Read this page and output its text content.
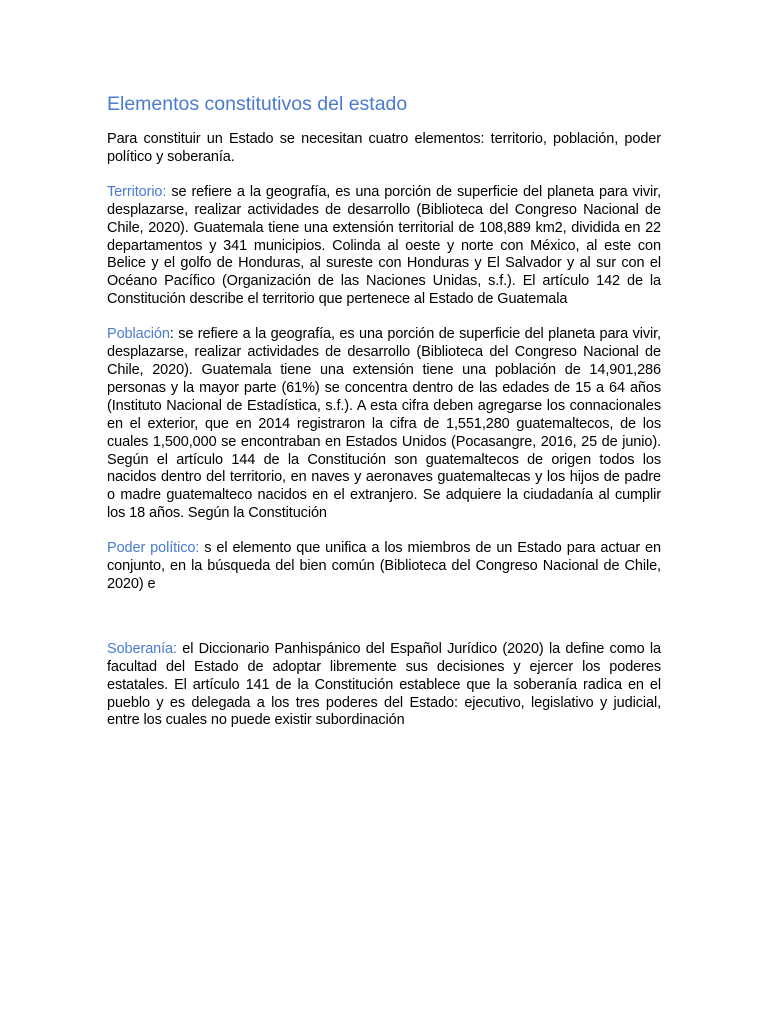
Elementos constitutivos del estado

Para constituir un Estado se necesitan cuatro elementos: territorio, población, poder político y soberanía.

Territorio: se refiere a la geografía, es una porción de superficie del planeta para vivir, desplazarse, realizar actividades de desarrollo (Biblioteca del Congreso Nacional de Chile, 2020). Guatemala tiene una extensión territorial de 108,889 km2, dividida en 22 departamentos y 341 municipios. Colinda al oeste y norte con México, al este con Belice y el golfo de Honduras, al sureste con Honduras y El Salvador y al sur con el Océano Pacífico (Organización de las Naciones Unidas, s.f.). El artículo 142 de la Constitución describe el territorio que pertenece al Estado de Guatemala

Población: se refiere a la geografía, es una porción de superficie del planeta para vivir, desplazarse, realizar actividades de desarrollo (Biblioteca del Congreso Nacional de Chile, 2020). Guatemala tiene una extensión tiene una población de 14,901,286 personas y la mayor parte (61%) se concentra dentro de las edades de 15 a 64 años (Instituto Nacional de Estadística, s.f.). A esta cifra deben agregarse los connacionales en el exterior, que en 2014 registraron la cifra de 1,551,280 guatemaltecos, de los cuales 1,500,000 se encontraban en Estados Unidos (Pocasangre, 2016, 25 de junio). Según el artículo 144 de la Constitución son guatemaltecos de origen todos los nacidos dentro del territorio, en naves y aeronaves guatemaltecas y los hijos de padre o madre guatemalteco nacidos en el extranjero. Se adquiere la ciudadanía al cumplir los 18 años. Según la Constitución

Poder político: s el elemento que unifica a los miembros de un Estado para actuar en conjunto, en la búsqueda del bien común (Biblioteca del Congreso Nacional de Chile, 2020) e

Soberanía: el Diccionario Panhispánico del Español Jurídico (2020) la define como la facultad del Estado de adoptar libremente sus decisiones y ejercer los poderes estatales. El artículo 141 de la Constitución establece que la soberanía radica en el pueblo y es delegada a los tres poderes del Estado: ejecutivo, legislativo y judicial, entre los cuales no puede existir subordinación
